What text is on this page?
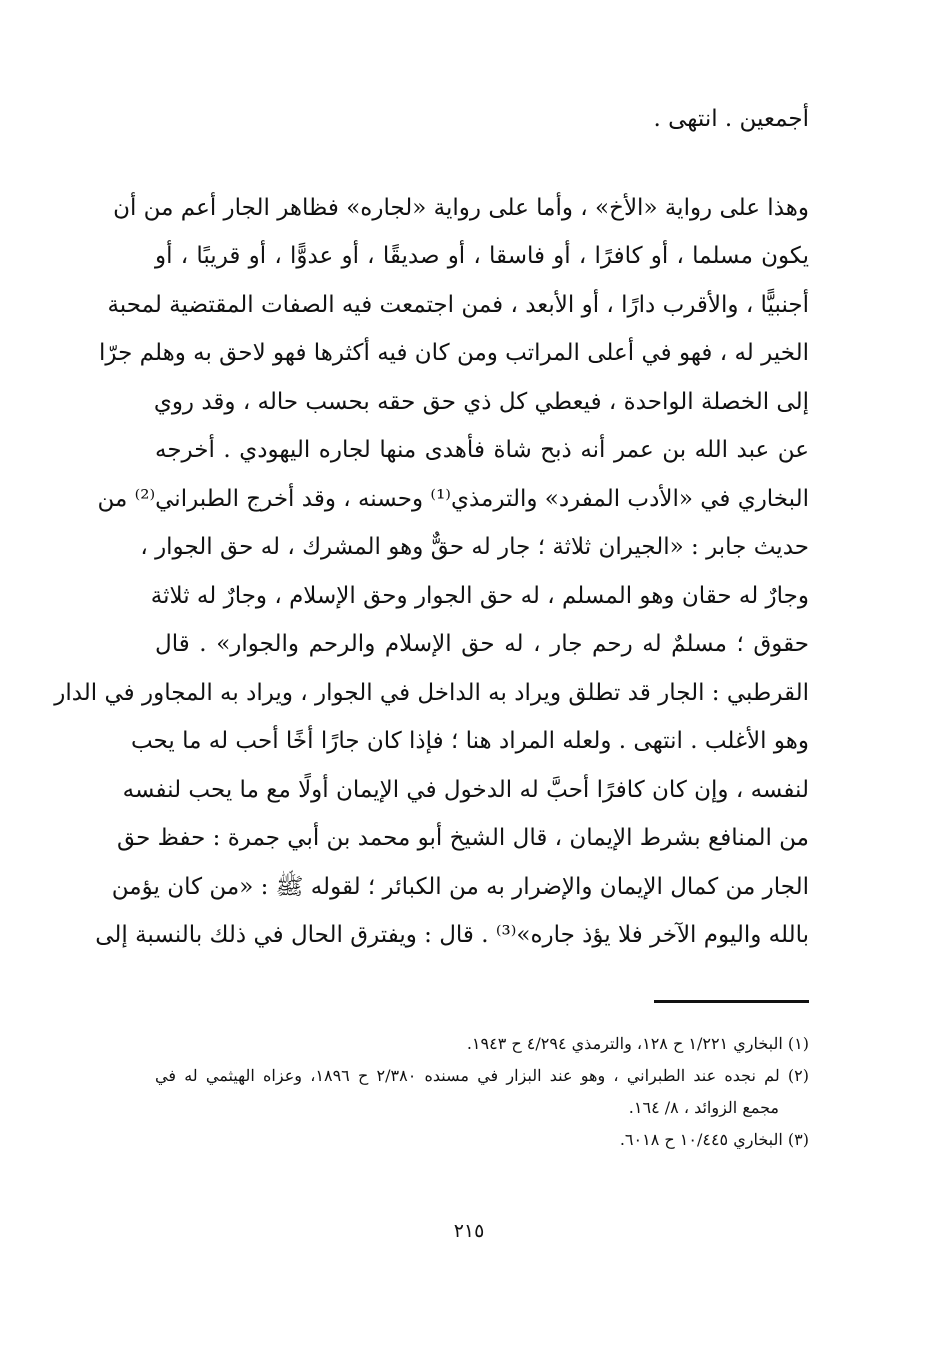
أجمعين . انتهى .
وهذا على رواية «الأخ» ، وأما على رواية «لجاره» فظاهر الجار أعم من أن
يكون مسلما ، أو كافرًا ، أو فاسقا ، أو صديقًا ، أو عدوًّا ، أو قريبًا ، أو
أجنبيًّا ، والأقرب دارًا ، أو الأبعد ، فمن اجتمعت فيه الصفات المقتضية لمحبة
الخير له ، فهو في أعلى المراتب ومن كان فيه أكثرها فهو لاحق به وهلم جرّا
إلى الخصلة الواحدة ، فيعطي كل ذي حق حقه بحسب حاله ، وقد روي
عن عبد الله بن عمر أنه ذبح شاة فأهدى منها لجاره اليهودي . أخرجه
البخاري في «الأدب المفرد» والترمذي⁽¹⁾ وحسنه ، وقد أخرج الطبراني⁽²⁾ من
حديث جابر : «الجيران ثلاثة ؛ جار له حقٌّ وهو المشرك ، له حق الجوار ،
وجارٌ له حقان وهو المسلم ، له حق الجوار وحق الإسلام ، وجارٌ له ثلاثة
حقوق ؛ مسلمٌ له رحم جار ، له حق الإسلام والرحم والجوار» . قال
القرطبي : الجار قد تطلق ويراد به الداخل في الجوار ، ويراد به المجاور في الدار
وهو الأغلب . انتهى . ولعله المراد هنا ؛ فإذا كان جارًا أخًا أحب له ما يحب
لنفسه ، وإن كان كافرًا أحبَّ له الدخول في الإيمان أولًا مع ما يحب لنفسه
من المنافع بشرط الإيمان ، قال الشيخ أبو محمد بن أبي جمرة : حفظ حق
الجار من كمال الإيمان والإضرار به من الكبائر ؛ لقوله ﷺ : «من كان يؤمن
بالله واليوم الآخر فلا يؤذ جاره»⁽³⁾ . قال : ويفترق الحال في ذلك بالنسبة إلى
(١) البخاري ١/٢٢١ ح ١٢٨، والترمذي ٤/٢٩٤ ح ١٩٤٣.
(٢) لم نجده عند الطبراني ، وهو عند البزار في مسنده ٢/٣٨٠ ح ١٨٩٦، وعزاه الهيثمي له في
مجمع الزوائد ، ٨/ ١٦٤.
(٣) البخاري ١٠/٤٤٥ ح ٦٠١٨.
٢١٥
